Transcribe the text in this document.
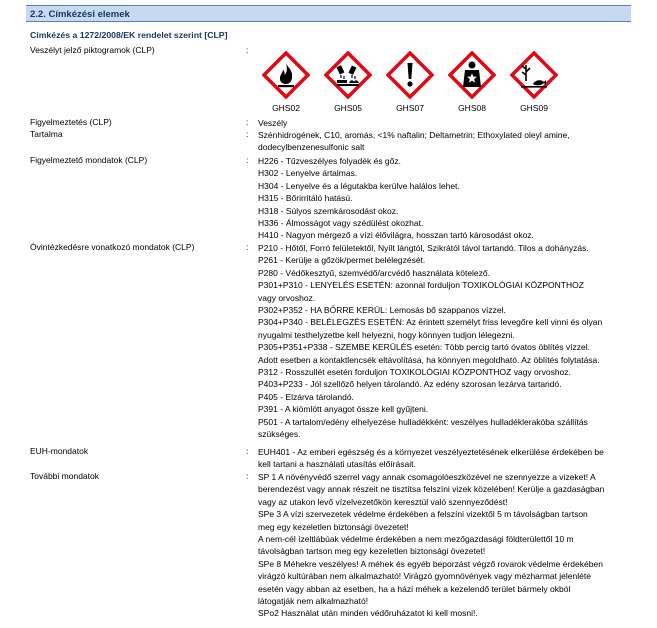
2.2. Címkézési elemek
Címkézés a 1272/2008/EK rendelet szerint [CLP]
Veszélyt jelző piktogramok (CLP)	:
GHS02	GHS05	GHS07	GHS08	GHS09
Figyelmeztetés (CLP)	: Veszély
Tartalma	: Szénhidrogének, C10, aromás, <1% naftalin; Deltametrin; Ethoxylated oleyl amine,
dodecylbenzenesulfonic salt
Figyelmeztető mondatok (CLP)	: H226 - Tűzveszélyes folyadék és gőz.
H302 - Lenyelve ártalmas.
H304 - Lenyelve és a légutakba kerülve halálos lehet.
H315 - Bőrirritáló hatású.
H318 - Súlyos szemkárosodást okoz.
H336 - Álmosságot vagy szédülést okozhat.
H410 - Nagyon mérgező a vízi élővilágra, hosszan tartó károsodást okoz.
Óvintézkedésre vonatkozó mondatok (CLP)	: P210 - Hőtől, Forró felületektől, Nyílt lángtól, Szikrától távol tartandó. Tilos a dohányzás.
P261 - Kerülje a gőzök/permet belélegzését.
P280 - Védőkesztyű, szemvédő/arcvédő használata kötelező.
P301+P310 - LENYELÉS ESETÉN: azonnal forduljon TOXIKOLÓGIAI KÖZPONTHOZ
vagy orvoshoz.
P302+P352 - HA BŐRRE KERÜL: Lemosás bő szappanos vízzel.
P304+P340 - BELÉLEGZÉS ESETÉN: Az érintett személyt friss levegőre kell vinni és olyan
nyugalmi testhelyzetbe kell helyezni, hogy könnyen tudjon lélegezni.
P305+P351+P338 - SZEMBE KERÜLÉS esetén: Több percig tartó óvatos öblítés vízzel.
Adott esetben a kontaktlencsék eltávolítása, ha könnyen megoldható. Az öblítés folytatása.
P312 - Rosszullét esetén forduljon TOXIKOLÓGIAI KÖZPONTHOZ vagy orvoshoz.
P403+P233 - Jól szellőző helyen tárolandó. Az edény szorosan lezárva tartandó.
P405 - Elzárva tárolandó.
P391 - A kiömlött anyagot össze kell gyűjteni.
P501 - A tartalom/edény elhelyezése hulladékként: veszélyes hulladékleraköba szállítás
szükséges.
EUH-mondatok	: EUH401 - Az emberi egészség és a környezet veszélyeztetésének elkerülése érdekében be
kell tartani a használati utasítás előírásait.
További mondatok	: SP 1 A növényvédő szerrel vagy annak csomagolóeszközével ne szennyezze a vizeket! A
berendezést vagy annak részeit ne tisztítsa felszíni vizek közelében! Kerülje a gazdaságban
vagy az utakon levő vízelvezetőkön keresztül való szennyeződést!
SPe 3 A vízi szervezetek védelme érdekében a felszíni vizektől 5 m távolságban tartson
meg egy kezeletlen biztonsági övezetet!
A nem-cél ízeltlábúak védelme érdekében a nem mezőgazdasági földterülettől 10 m
távolságban tartson meg egy kezeletlen biztonsági övezetet!
SPe 8 Méhekre veszélyes! A méhek és egyéb beporzást végző rovarok védelme érdekében
virágzó kultúrában nem alkalmazható! Virágzó gyomnövények vagy mézharmat jelenléte
esetén vagy abban az esetben, ha a házi méhek a kezelendő terület bármely okból
látogatják nem alkalmazható!
SPo2 Használat után minden védőruházatot ki kell mosni!.
